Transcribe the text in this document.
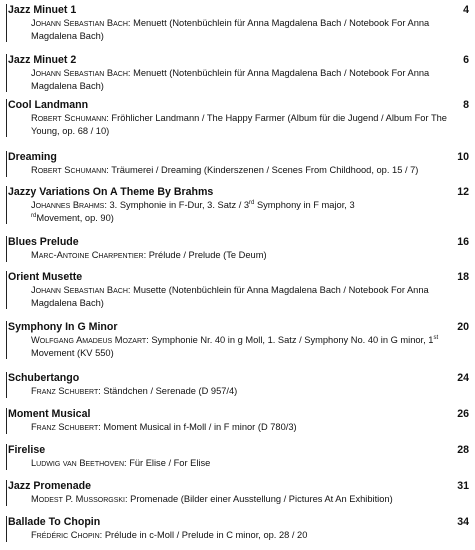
Jazz Minuet 1	4
Johann Sebastian Bach: Menuett (Notenbüchlein für Anna Magdalena Bach / Notebook For Anna Magdalena Bach)
Jazz Minuet 2	6
Johann Sebastian Bach: Menuett (Notenbüchlein für Anna Magdalena Bach / Notebook For Anna Magdalena Bach)
Cool Landmann	8
Robert Schumann: Fröhlicher Landmann / The Happy Farmer (Album für die Jugend / Album For The Young, op. 68 / 10)
Dreaming	10
Robert Schumann: Träumerei / Dreaming (Kinderszenen / Scenes From Childhood, op. 15 / 7)
Jazzy Variations On A Theme By Brahms	12
Johannes Brahms: 3. Symphonie in F-Dur, 3. Satz / 3rd Symphony in F major, 3
$^{rd}$Movement, op. 90)
Blues Prelude	16
Marc-Antoine Charpentier: Prélude / Prelude (Te Deum)
Orient Musette	18
Johann Sebastian Bach: Musette (Notenbüchlein für Anna Magdalena Bach / Notebook For Anna Magdalena Bach)
Symphony In G Minor	20
Wolfgang Amadeus Mozart: Symphonie Nr. 40 in g Moll, 1. Satz / Symphony No. 40 in G minor, 1st Movement (KV 550)
Schubertango	24
Franz Schubert: Ständchen / Serenade (D 957/4)
Moment Musical	26
Franz Schubert: Moment Musical in f-Moll / in F minor (D 780/3)
Firelise	28
Ludwig van Beethoven: Für Elise / For Elise
Jazz Promenade	31
Modest P. Mussorgski: Promenade (Bilder einer Ausstellung / Pictures At An Exhibition)
Ballade To Chopin	34
Frédéric Chopin: Prélude in c-Moll / Prelude in C minor, op. 28 / 20
